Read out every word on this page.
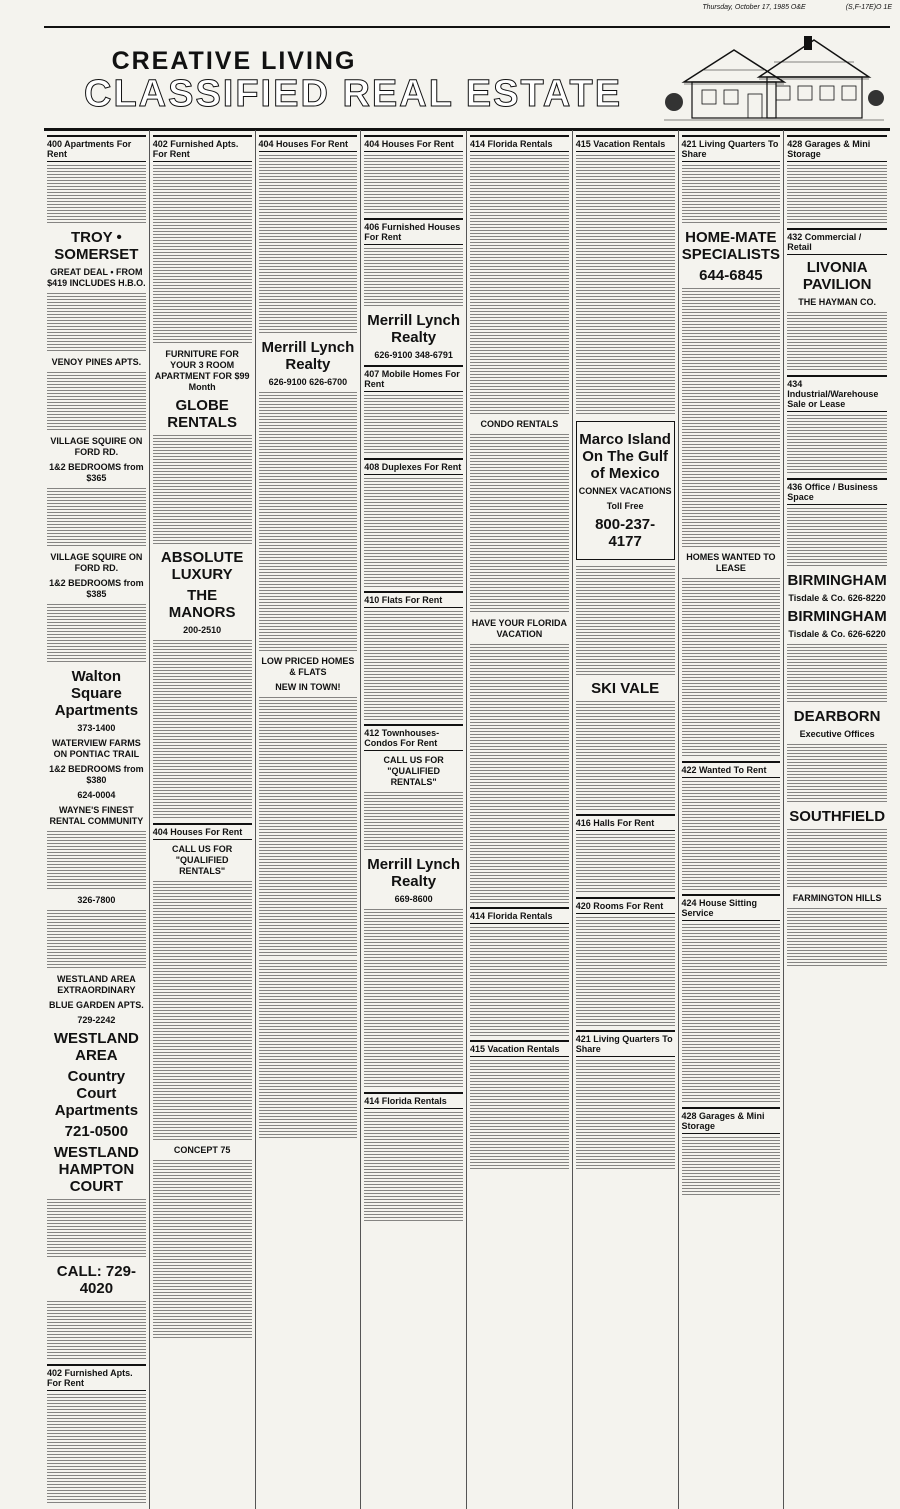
Thursday, October 17, 1985 O&E	(S,F-17E)O 1E
CREATIVE LIVING
CLASSIFIED REAL ESTATE
400 Apartments For Rent
TROY • SOMERSET
GREAT DEAL • FROM $419 INCLUDES H.B.O.
VENOY PINES APTS.
VILLAGE SQUIRE ON FORD RD.
1&2 BEDROOMS from $365
VILLAGE SQUIRE ON FORD RD.
1&2 BEDROOMS from $385
Walton Square Apartments
373-1400
WATERVIEW FARMS ON PONTIAC TRAIL
1&2 BEDROOMS from $380
624-0004
WAYNE'S FINEST RENTAL COMMUNITY
326-7800
WESTLAND AREA EXTRAORDINARY
BLUE GARDEN APTS.
729-2242
WESTLAND AREA
Country Court Apartments
721-0500
WESTLAND HAMPTON COURT
CALL: 729-4020
402 Furnished Apts. For Rent
402 Furnished Apts. For Rent
FURNITURE FOR YOUR 3 ROOM APARTMENT FOR $99 Month
GLOBE RENTALS
ABSOLUTE LUXURY
THE MANORS
200-2510
404 Houses For Rent
CALL US FOR "QUALIFIED RENTALS"
CONCEPT 75
404 Houses For Rent
Merrill Lynch Realty
626-9100 626-6700
LOW PRICED HOMES & FLATS
NEW IN TOWN!
404 Houses For Rent
406 Furnished Houses For Rent
Merrill Lynch Realty
626-9100 348-6791
407 Mobile Homes For Rent
408 Duplexes For Rent
410 Flats For Rent
412 Townhouses-Condos For Rent
CALL US FOR "QUALIFIED RENTALS"
Merrill Lynch Realty
669-8600
414 Florida Rentals
414 Florida Rentals
CONDO RENTALS
HAVE YOUR FLORIDA VACATION
414 Florida Rentals
415 Vacation Rentals
415 Vacation Rentals
Marco Island On The Gulf of Mexico
CONNEX VACATIONS
Toll Free
800-237-4177
SKI VALE
416 Halls For Rent
420 Rooms For Rent
421 Living Quarters To Share
421 Living Quarters To Share
HOME-MATE SPECIALISTS
644-6845
HOMES WANTED TO LEASE
422 Wanted To Rent
424 House Sitting Service
428 Garages & Mini Storage
428 Garages & Mini Storage
432 Commercial / Retail
LIVONIA PAVILION
THE HAYMAN CO.
434 Industrial/Warehouse Sale or Lease
436 Office / Business Space
BIRMINGHAM
Tisdale & Co. 626-8220
BIRMINGHAM
Tisdale & Co. 626-6220
DEARBORN
Executive Offices
SOUTHFIELD
FARMINGTON HILLS
